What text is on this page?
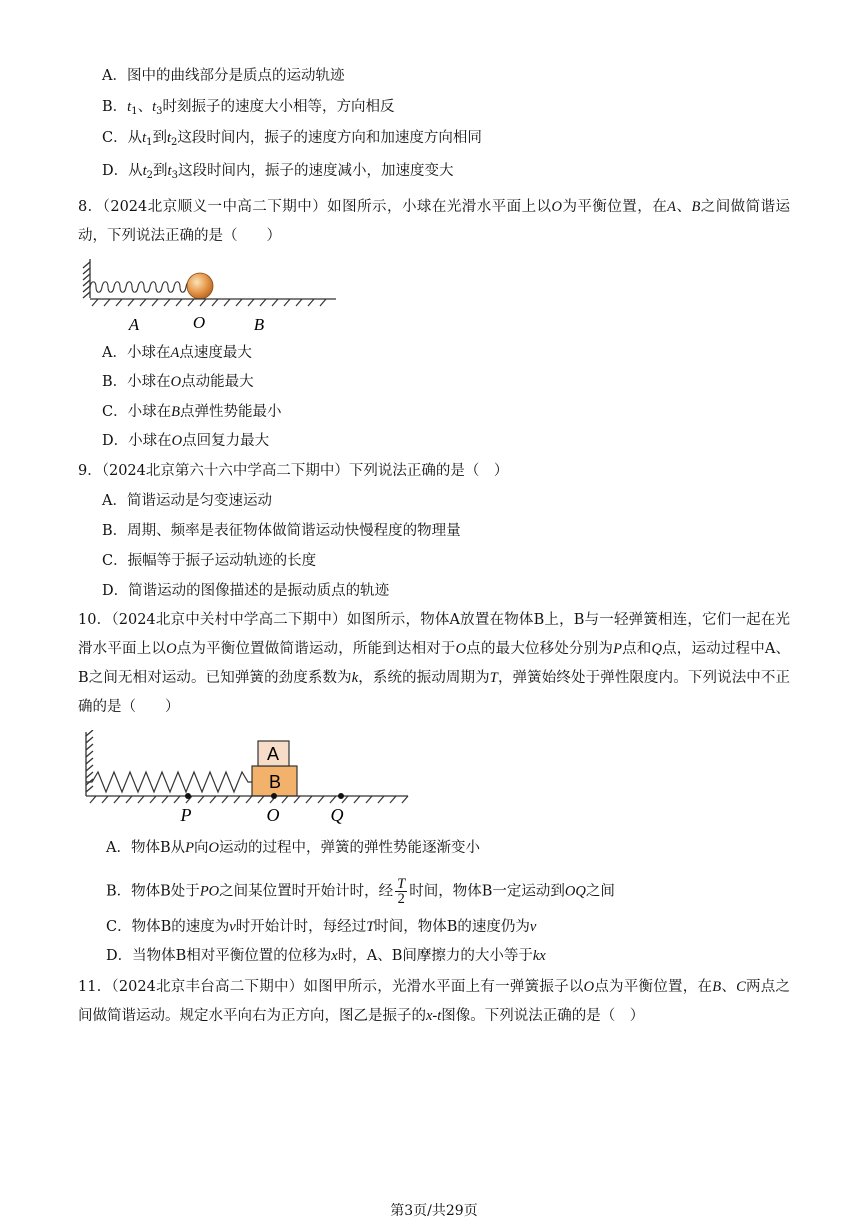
A．图中的曲线部分是质点的运动轨迹
B．$t_1$、$t_3$时刻振子的速度大小相等，方向相反
C．从$t_1$到$t_2$这段时间内，振子的速度方向和加速度方向相同
D．从$t_2$到$t_3$这段时间内，振子的速度减小，加速度变大
8．（2024北京顺义一中高二下期中）如图所示，小球在光滑水平面上以O为平衡位置，在A、B之间做简谐运动，下列说法正确的是（　　）
A	O	B
A．小球在A点速度最大
B．小球在O点动能最大
C．小球在B点弹性势能最小
D．小球在O点回复力最大
9．（2024北京第六十六中学高二下期中）下列说法正确的是（　）
A．简谐运动是匀变速运动
B．周期、频率是表征物体做简谐运动快慢程度的物理量
C．振幅等于振子运动轨迹的长度
D．简谐运动的图像描述的是振动质点的轨迹
10．（2024北京中关村中学高二下期中）如图所示，物体A放置在物体B上，B与一轻弹簧相连，它们一起在光滑水平面上以O点为平衡位置做简谐运动，所能到达相对于O点的最大位移处分别为P点和Q点，运动过程中A、B之间无相对运动。已知弹簧的劲度系数为k，系统的振动周期为T，弹簧始终处于弹性限度内。下列说法中不正确的是（　　）
A
B
P	O	Q
A．物体B从P向O运动的过程中，弹簧的弹性势能逐渐变小
B．物体B处于PO之间某位置时开始计时，经 $\frac{T}{2}$ 时间，物体B一定运动到OQ之间
C．物体B的速度为v时开始计时，每经过T时间，物体B的速度仍为v
D．当物体B相对平衡位置的位移为x时，A、B间摩擦力的大小等于kx
11．（2024北京丰台高二下期中）如图甲所示，光滑水平面上有一弹簧振子以O点为平衡位置，在B、C两点之间做简谐运动。规定水平向右为正方向，图乙是振子的x-t图像。下列说法正确的是（　）
第3页/共29页
